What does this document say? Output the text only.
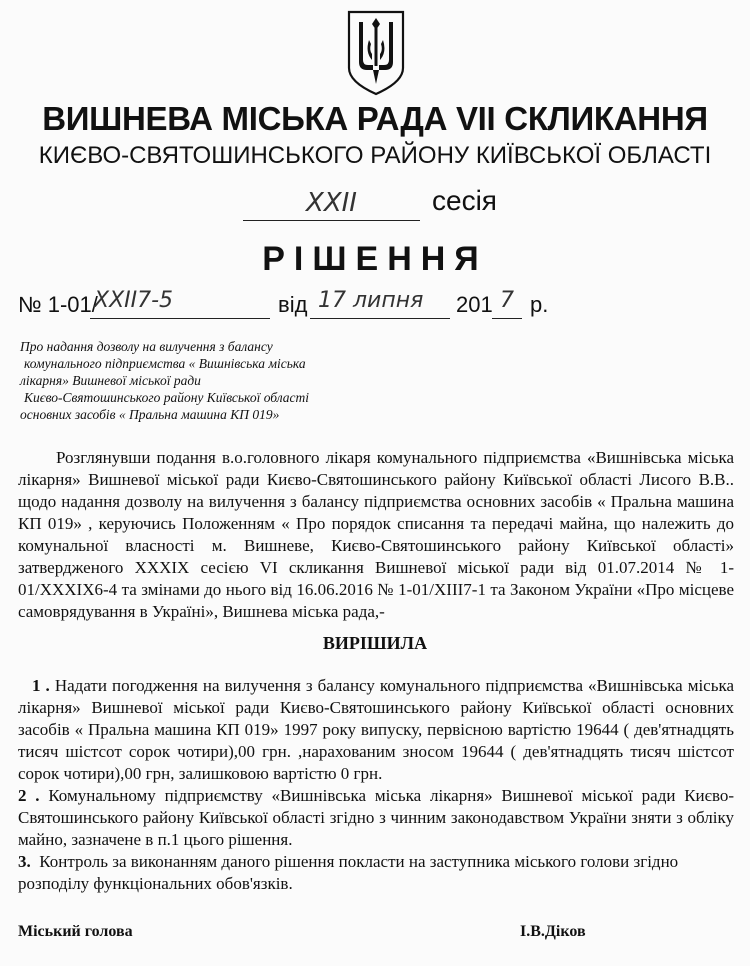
ВИШНЕВА МІСЬКА РАДА VII СКЛИКАННЯ
КИЄВО-СВЯТОШИНСЬКОГО РАЙОНУ КИЇВСЬКОЇ ОБЛАСТІ
XXII	сесія
РІШЕННЯ
№ 1-01/
XXII7-5	від 17 липня 201 7 р.
Про надання дозволу на вилучення з балансу
комунального підприємства « Вишнівська міська
лікарня» Вишневої міської ради
Києво-Святошинського району Київської області
основних засобів « Пральна машина КП 019»
Розглянувши подання в.о.головного лікаря комунального підприємства «Вишнівська міська лікарня» Вишневої міської ради Києво-Святошинського району Київської області Лисого В.В.. щодо надання дозволу на вилучення з балансу підприємства основних засобів « Пральна машина КП 019» , керуючись Положенням « Про порядок списання та передачі майна, що належить до комунальної власності м. Вишневе, Києво-Святошинського району Київської області» затвердженого XXXIX сесією VI скликання Вишневої міської ради від 01.07.2014 № 1-01/XXXIX6-4 та змінами до нього від 16.06.2016 № 1-01/XIII7-1 та Законом України «Про місцеве самоврядування в Україні», Вишнева міська рада,-
ВИРІШИЛА

1 . Надати погодження на вилучення з балансу комунального підприємства «Вишнівська міська лікарня» Вишневої міської ради Києво-Святошинського району Київської області основних засобів « Пральна машина КП 019» 1997 року випуску, первісною вартістю 19644 ( дев'ятнадцять тисяч шістсот сорок чотири),00 грн. ,нарахованим зносом 19644 ( дев'ятнадцять тисяч шістсот сорок чотири),00 грн, залишковою вартістю 0 грн.

2 . Комунальному підприємству «Вишнівська міська лікарня» Вишневої міської ради Києво-Святошинського району Київської області згідно з чинним законодавством України зняти з обліку майно, зазначене в п.1 цього рішення.

3. Контроль за виконанням даного рішення покласти на заступника міського голови згідно розподілу функціональних обов'язків.

Міський голова	І.В.Діков
